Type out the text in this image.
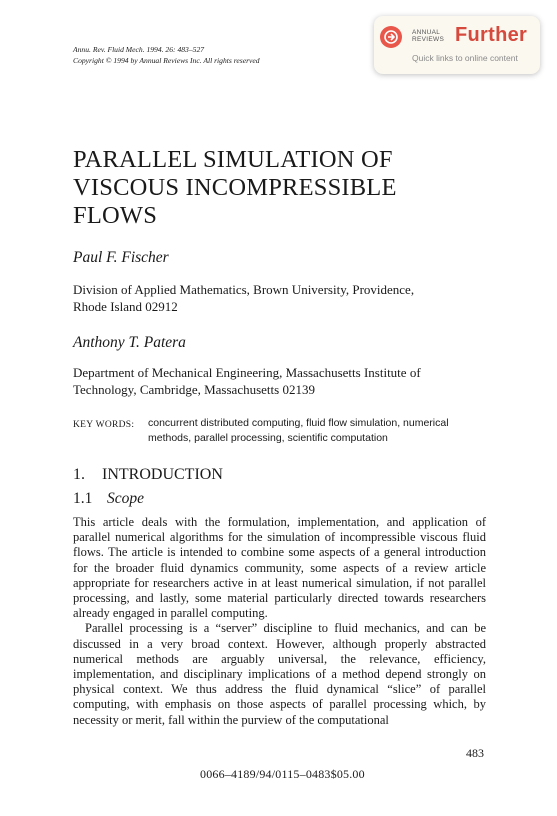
Annu. Rev. Fluid Mech. 1994. 26: 483–527
Copyright © 1994 by Annual Reviews Inc. All rights reserved
ANNUAL
REVIEWS Further
Quick links to online content
PARALLEL SIMULATION OF
VISCOUS INCOMPRESSIBLE
FLOWS
Paul F. Fischer
Division of Applied Mathematics, Brown University, Providence,
Rhode Island 02912
Anthony T. Patera
Department of Mechanical Engineering, Massachusetts Institute of
Technology, Cambridge, Massachusetts 02139
KEY WORDS: concurrent distributed computing, fluid flow simulation, numerical methods, parallel processing, scientific computation
1. INTRODUCTION
1.1 Scope

This article deals with the formulation, implementation, and application of parallel numerical algorithms for the simulation of incompressible viscous fluid flows. The article is intended to combine some aspects of a general introduction for the broader fluid dynamics community, some aspects of a review article appropriate for researchers active in at least numerical simulation, if not parallel processing, and lastly, some material particularly directed towards researchers already engaged in parallel computing.

Parallel processing is a “server” discipline to fluid mechanics, and can be discussed in a very broad context. However, although properly abstracted numerical methods are arguably universal, the relevance, efficiency, implementation, and disciplinary implications of a method depend strongly on physical context. We thus address the fluid dynamical “slice” of parallel computing, with emphasis on those aspects of parallel processing which, by necessity or merit, fall within the purview of the computational

483
0066–4189/94/0115–0483$05.00
